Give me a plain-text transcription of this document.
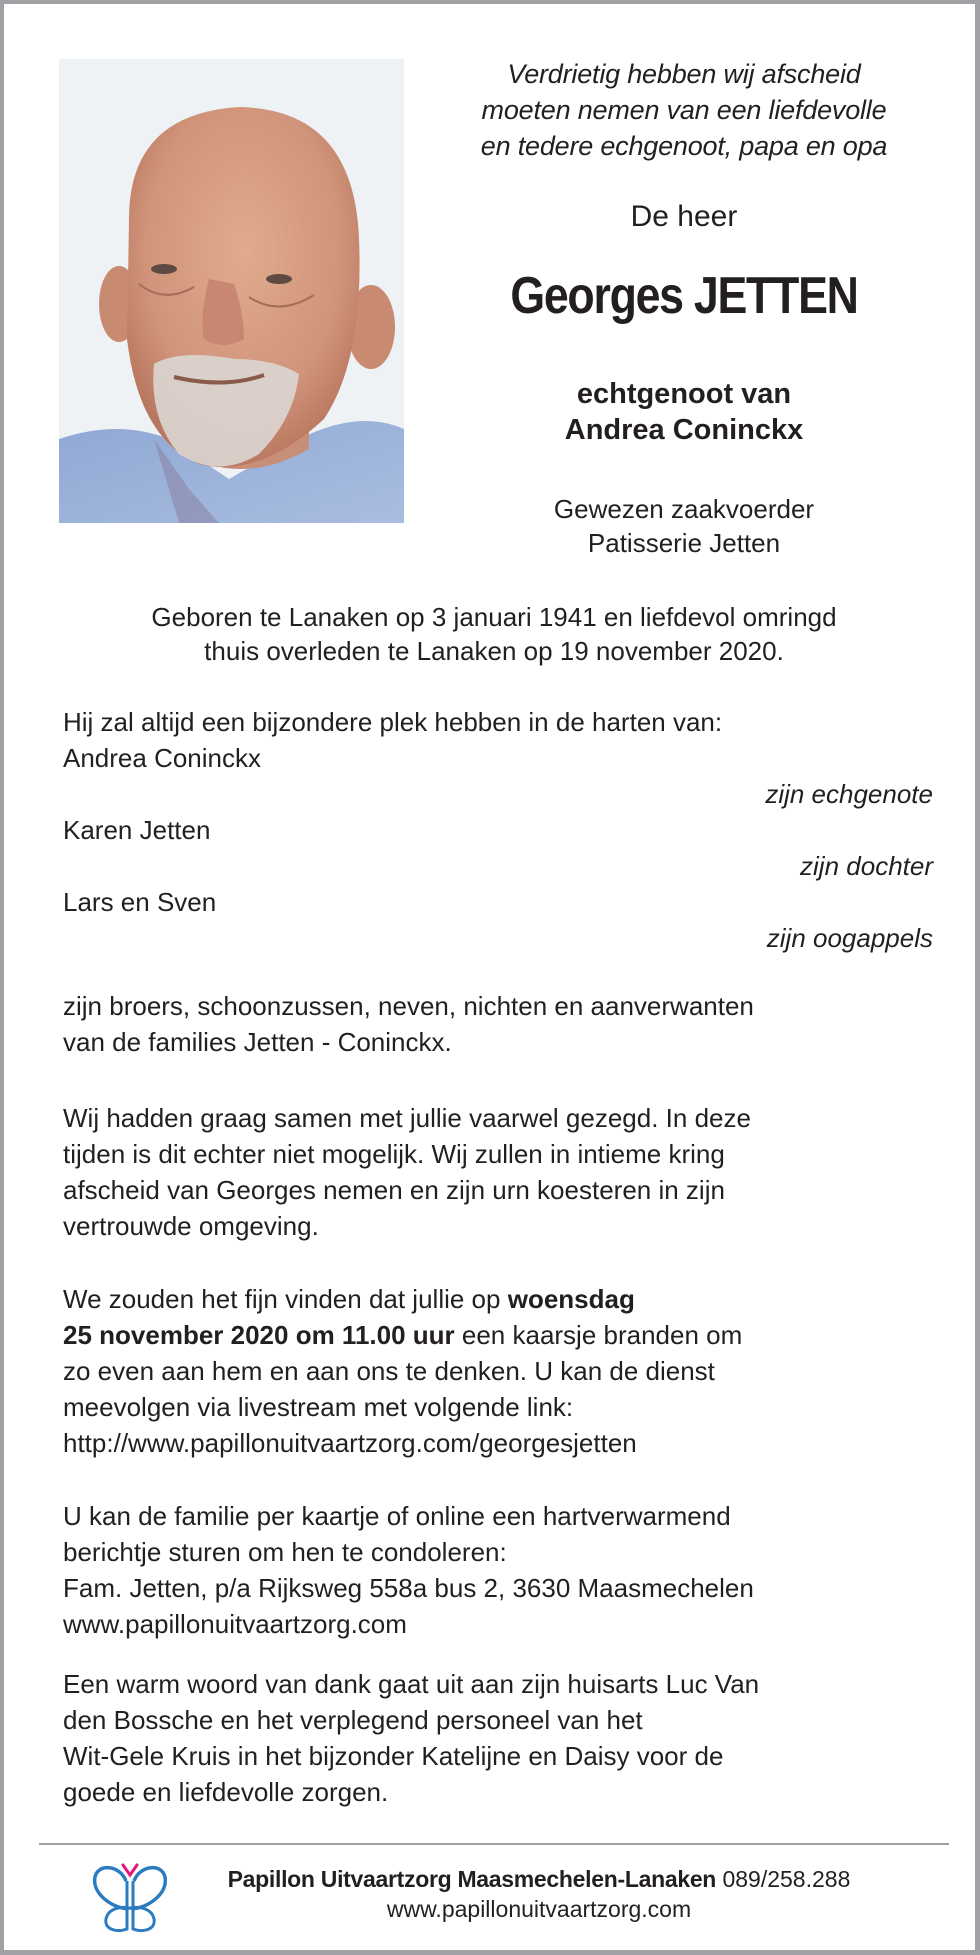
Verdrietig hebben wij afscheid
moeten nemen van een liefdevolle
en tedere echgenoot, papa en opa
De heer
Georges JETTEN
echtgenoot van
Andrea Coninckx
Gewezen zaakvoerder
Patisserie Jetten
Geboren te Lanaken op 3 januari 1941 en liefdevol omringd
thuis overleden te Lanaken op 19 november 2020.
Hij zal altijd een bijzondere plek hebben in de harten van:
Andrea Coninckx
zijn echgenote
Karen Jetten
zijn dochter
Lars en Sven
zijn oogappels
zijn broers, schoonzussen, neven, nichten en aanverwanten
van de families Jetten - Coninckx.
Wij hadden graag samen met jullie vaarwel gezegd. In deze
tijden is dit echter niet mogelijk. Wij zullen in intieme kring
afscheid van Georges nemen en zijn urn koesteren in zijn
vertrouwde omgeving.
We zouden het fijn vinden dat jullie op woensdag
25 november 2020 om 11.00 uur een kaarsje branden om
zo even aan hem en aan ons te denken. U kan de dienst
meevolgen via livestream met volgende link:
http://www.papillonuitvaartzorg.com/georgesjetten
U kan de familie per kaartje of online een hartverwarmend
berichtje sturen om hen te condoleren:
Fam. Jetten, p/a Rijksweg 558a bus 2, 3630 Maasmechelen
www.papillonuitvaartzorg.com
Een warm woord van dank gaat uit aan zijn huisarts Luc Van
den Bossche en het verplegend personeel van het
Wit-Gele Kruis in het bijzonder Katelijne en Daisy voor de
goede en liefdevolle zorgen.
Papillon Uitvaartzorg Maasmechelen-Lanaken 089/258.288
www.papillonuitvaartzorg.com
